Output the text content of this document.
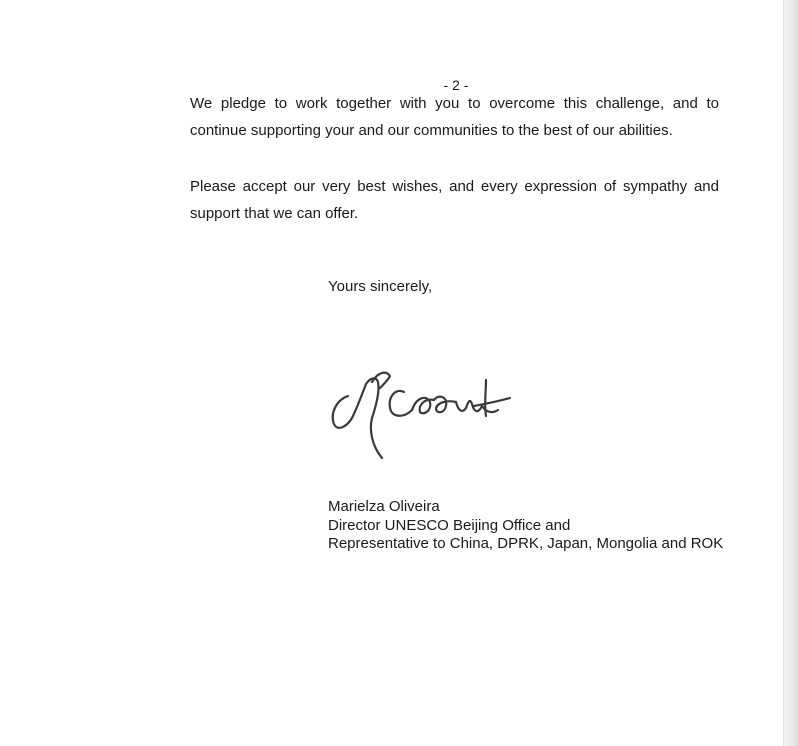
- 2 -

We pledge to work together with you to overcome this challenge, and to continue supporting your and our communities to the best of our abilities.

Please accept our very best wishes, and every expression of sympathy and support that we can offer.

Yours sincerely,
Marielza Oliveira
Director UNESCO Beijing Office and
Representative to China, DPRK, Japan, Mongolia and ROK
